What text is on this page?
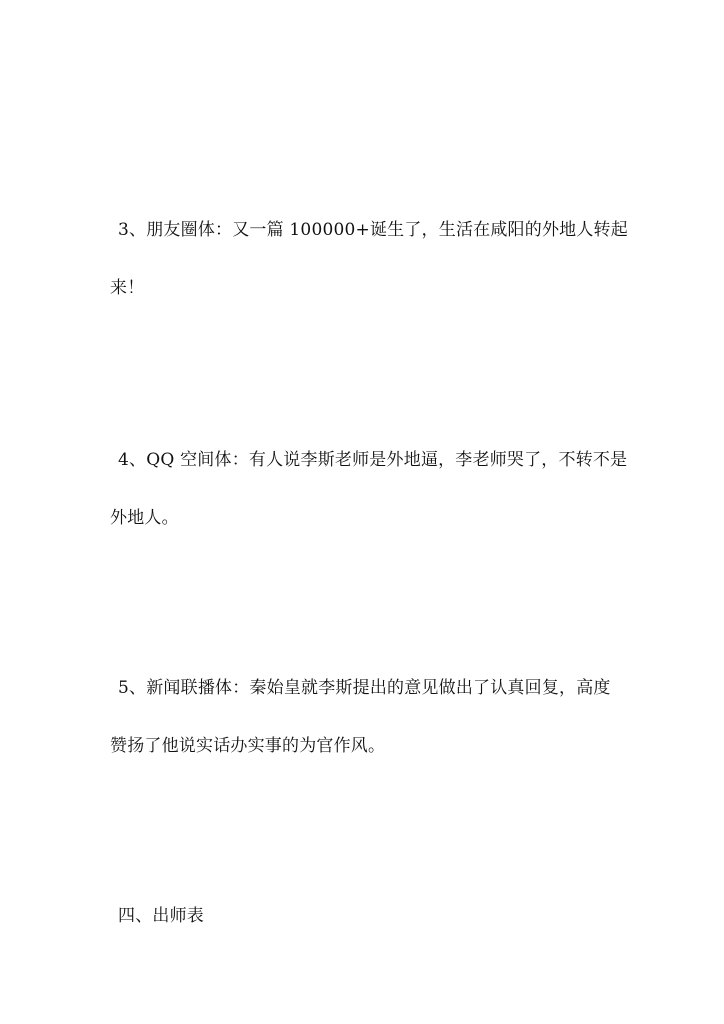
3、朋友圈体：又一篇 100000+诞生了，生活在咸阳的外地人转起
来！
4、QQ 空间体：有人说李斯老师是外地逼，李老师哭了，不转不是
外地人。
5、新闻联播体：秦始皇就李斯提出的意见做出了认真回复，高度
赞扬了他说实话办实事的为官作风。
四、出师表
